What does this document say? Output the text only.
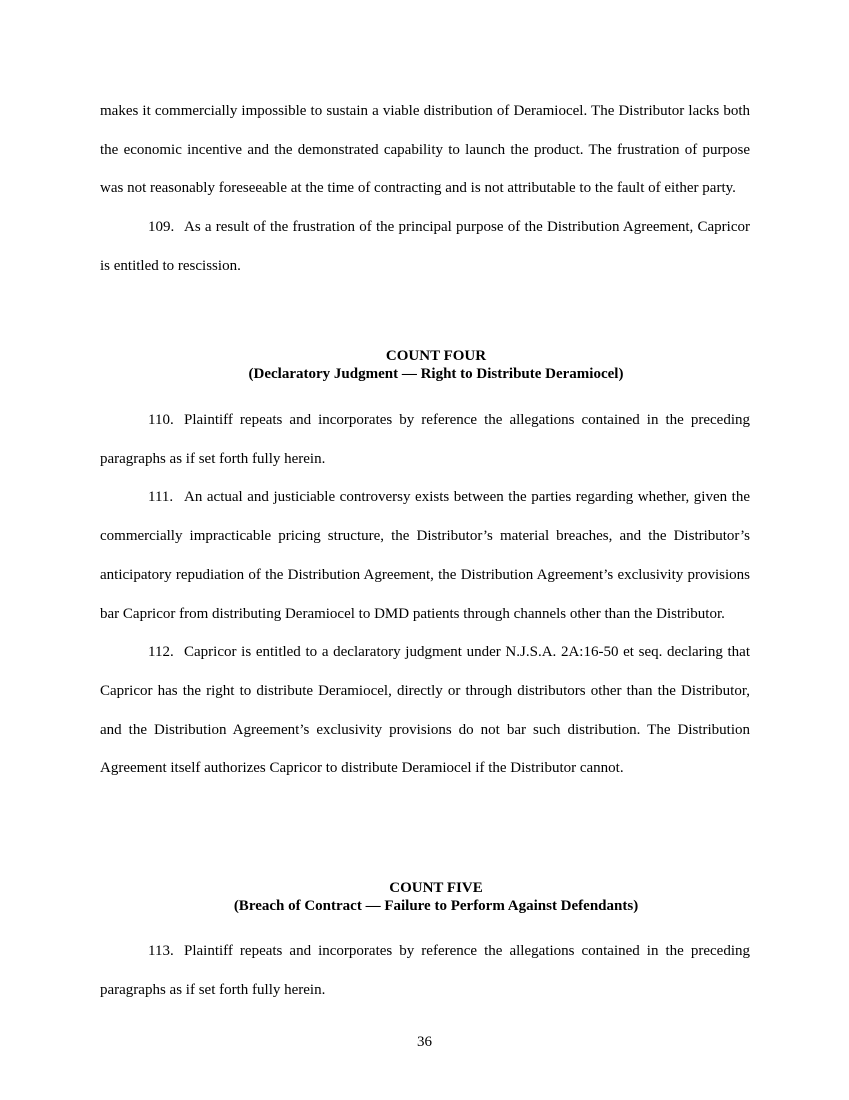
makes it commercially impossible to sustain a viable distribution of Deramiocel. The Distributor lacks both the economic incentive and the demonstrated capability to launch the product. The frustration of purpose was not reasonably foreseeable at the time of contracting and is not attributable to the fault of either party.

109. As a result of the frustration of the principal purpose of the Distribution Agreement, Capricor is entitled to rescission.

COUNT FOUR
(Declaratory Judgment — Right to Distribute Deramiocel)

110. Plaintiff repeats and incorporates by reference the allegations contained in the preceding paragraphs as if set forth fully herein.

111. An actual and justiciable controversy exists between the parties regarding whether, given the commercially impracticable pricing structure, the Distributor’s material breaches, and the Distributor’s anticipatory repudiation of the Distribution Agreement, the Distribution Agreement’s exclusivity provisions bar Capricor from distributing Deramiocel to DMD patients through channels other than the Distributor.

112. Capricor is entitled to a declaratory judgment under N.J.S.A. 2A:16-50 et seq. declaring that Capricor has the right to distribute Deramiocel, directly or through distributors other than the Distributor, and the Distribution Agreement’s exclusivity provisions do not bar such distribution. The Distribution Agreement itself authorizes Capricor to distribute Deramiocel if the Distributor cannot.

COUNT FIVE
(Breach of Contract — Failure to Perform Against Defendants)

113. Plaintiff repeats and incorporates by reference the allegations contained in the preceding paragraphs as if set forth fully herein.

36
